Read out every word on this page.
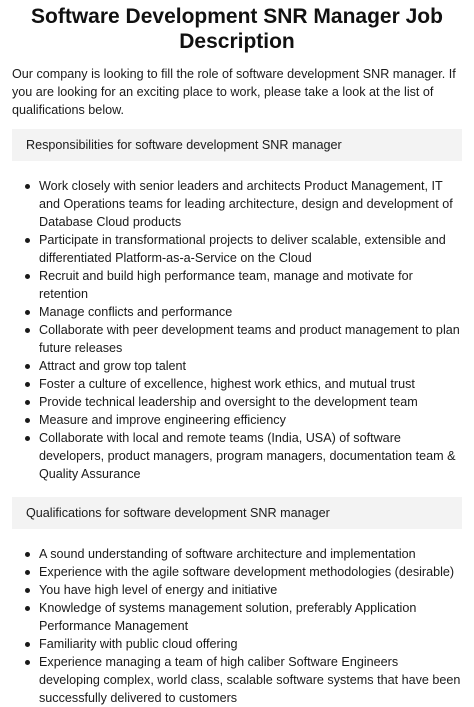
Software Development SNR Manager Job Description

Our company is looking to fill the role of software development SNR manager. If you are looking for an exciting place to work, please take a look at the list of qualifications below.

Responsibilities for software development SNR manager
Work closely with senior leaders and architects Product Management, IT and Operations teams for leading architecture, design and development of Database Cloud products
Participate in transformational projects to deliver scalable, extensible and differentiated Platform-as-a-Service on the Cloud
Recruit and build high performance team, manage and motivate for retention
Manage conflicts and performance
Collaborate with peer development teams and product management to plan future releases
Attract and grow top talent
Foster a culture of excellence, highest work ethics, and mutual trust
Provide technical leadership and oversight to the development team
Measure and improve engineering efficiency
Collaborate with local and remote teams (India, USA) of software developers, product managers, program managers, documentation team & Quality Assurance
Qualifications for software development SNR manager
A sound understanding of software architecture and implementation
Experience with the agile software development methodologies (desirable)
You have high level of energy and initiative
Knowledge of systems management solution, preferably Application Performance Management
Familiarity with public cloud offering
Experience managing a team of high caliber Software Engineers developing complex, world class, scalable software systems that have been successfully delivered to customers
